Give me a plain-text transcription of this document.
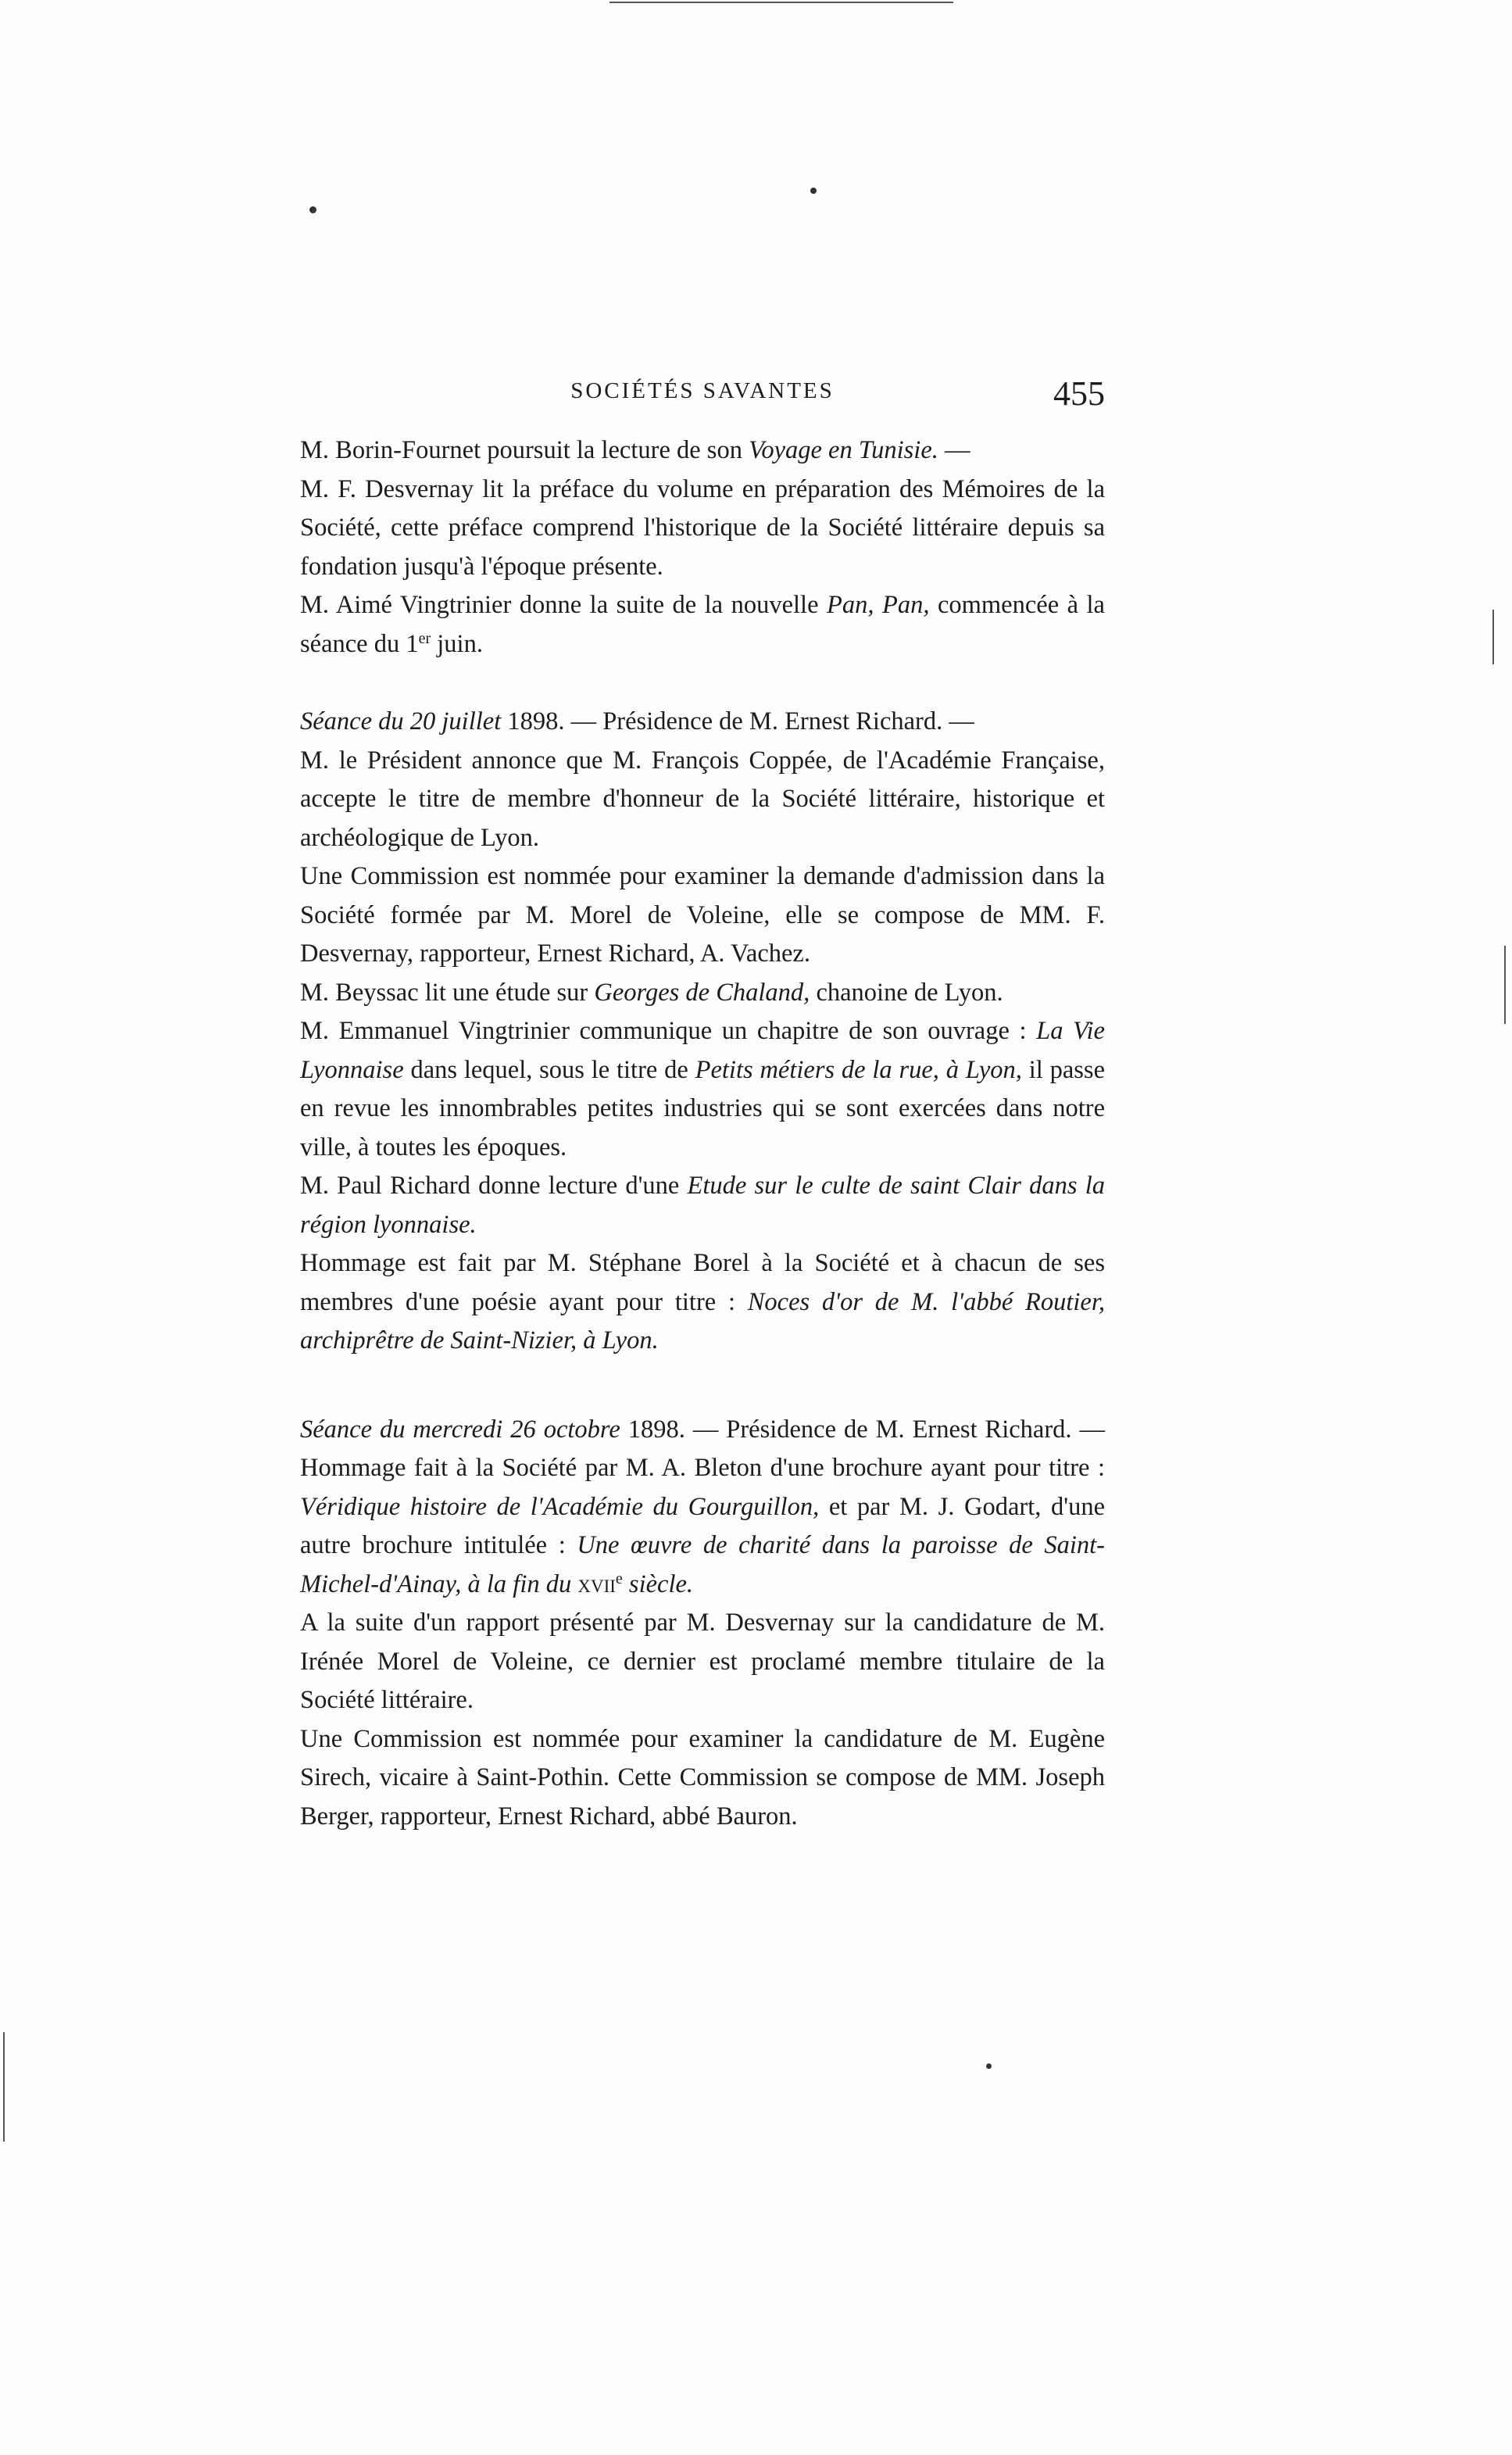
SOCIÉTÉS SAVANTES	455

M. Borin-Fournet poursuit la lecture de son Voyage en Tunisie. —

M. F. Desvernay lit la préface du volume en préparation des Mémoires de la Société, cette préface comprend l'historique de la Société littéraire depuis sa fondation jusqu'à l'époque présente.

M. Aimé Vingtrinier donne la suite de la nouvelle Pan, Pan, commencée à la séance du 1er juin.

Séance du 20 juillet 1898. — Présidence de M. Ernest Richard. —

M. le Président annonce que M. François Coppée, de l'Académie Française, accepte le titre de membre d'honneur de la Société littéraire, historique et archéologique de Lyon.

Une Commission est nommée pour examiner la demande d'admission dans la Société formée par M. Morel de Voleine, elle se compose de MM. F. Desvernay, rapporteur, Ernest Richard, A. Vachez.

M. Beyssac lit une étude sur Georges de Chaland, chanoine de Lyon.

M. Emmanuel Vingtrinier communique un chapitre de son ouvrage : La Vie Lyonnaise dans lequel, sous le titre de Petits métiers de la rue, à Lyon, il passe en revue les innombrables petites industries qui se sont exercées dans notre ville, à toutes les époques.

M. Paul Richard donne lecture d'une Etude sur le culte de saint Clair dans la région lyonnaise.

Hommage est fait par M. Stéphane Borel à la Société et à chacun de ses membres d'une poésie ayant pour titre : Noces d'or de M. l'abbé Routier, archiprêtre de Saint-Nizier, à Lyon.

Séance du mercredi 26 octobre 1898. — Présidence de M. Ernest Richard. — Hommage fait à la Société par M. A. Bleton d'une brochure ayant pour titre : Véridique histoire de l'Académie du Gourguillon, et par M. J. Godart, d'une autre brochure intitulée : Une œuvre de charité dans la paroisse de Saint-Michel-d'Ainay, à la fin du xvii$^e$ siècle.

A la suite d'un rapport présenté par M. Desvernay sur la candidature de M. Irénée Morel de Voleine, ce dernier est proclamé membre titulaire de la Société littéraire.

Une Commission est nommée pour examiner la candidature de M. Eugène Sirech, vicaire à Saint-Pothin. Cette Commission se compose de MM. Joseph Berger, rapporteur, Ernest Richard, abbé Bauron.
